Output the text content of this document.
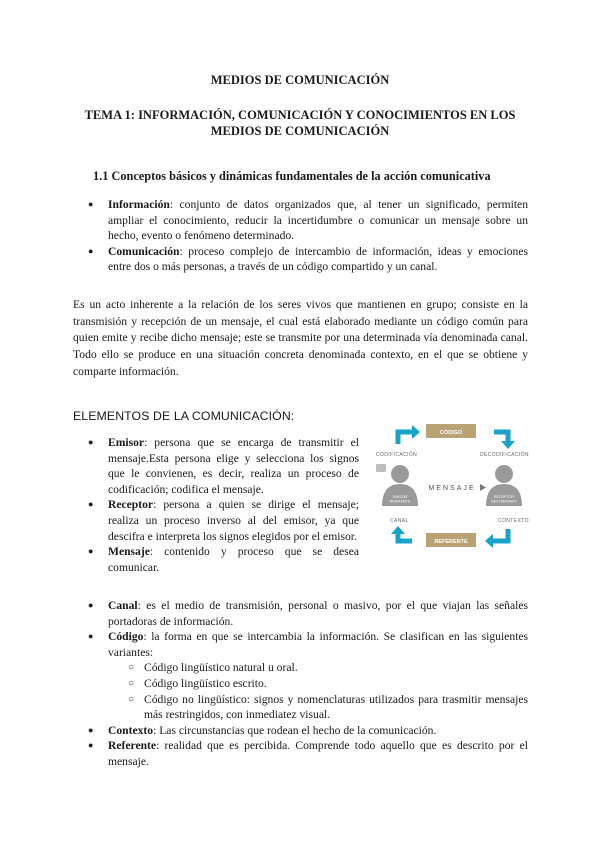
MEDIOS DE COMUNICACIÓN
TEMA 1: INFORMACIÓN, COMUNICACIÓN Y CONOCIMIENTOS EN LOS
MEDIOS DE COMUNICACIÓN
1.1 Conceptos básicos y dinámicas fundamentales de la acción comunicativa
● Información: conjunto de datos organizados que, al tener un significado, permiten ampliar el conocimiento, reducir la incertidumbre o comunicar un mensaje sobre un hecho, evento o fenómeno determinado.
● Comunicación: proceso complejo de intercambio de información, ideas y emociones entre dos o más personas, a través de un código compartido y un canal.
Es un acto inherente a la relación de los seres vivos que mantienen en grupo; consiste en la transmisión y recepción de un mensaje, el cual está elaborado mediante un código común para quien emite y recibe dicho mensaje; este se transmite por una determinada vía denominada canal. Todo ello se produce en una situación concreta denominada contexto, en el que se obtiene y comparte información.
ELEMENTOS DE LA COMUNICACIÓN:
● Emisor: persona que se encarga de transmitir el mensaje.Esta persona elige y selecciona los signos que le convienen, es decir, realiza un proceso de codificación; codifica el mensaje.
● Receptor: persona a quien se dirige el mensaje; realiza un proceso inverso al del emisor, ya que descifra e interpreta los signos elegidos por el emisor.
● Mensaje: contenido y proceso que se desea comunicar.
● Canal: es el medio de transmisión, personal o masivo, por el que viajan las señales portadoras de información.
● Código: la forma en que se intercambia la información. Se clasifican en las siguientes variantes:
○ Código lingüístico natural u oral.
○ Código lingüístico escrito.
○ Código no lingüístico: signos y nomenclaturas utilizados para trasmitir mensajes más restringidos, con inmediatez visual.
● Contexto: Las circunstancias que rodean el hecho de la comunicación.
● Referente: realidad que es percibida. Comprende todo aquello que es descrito por el mensaje.
CÓDIGO
REFERENTE
CODIFICACIÓN	DECODIFICACIÓN
CANAL	CONTEXTO
EMISOR
REMITENTE
RECEPTOR
DESTINATARIO
MENSAJE
